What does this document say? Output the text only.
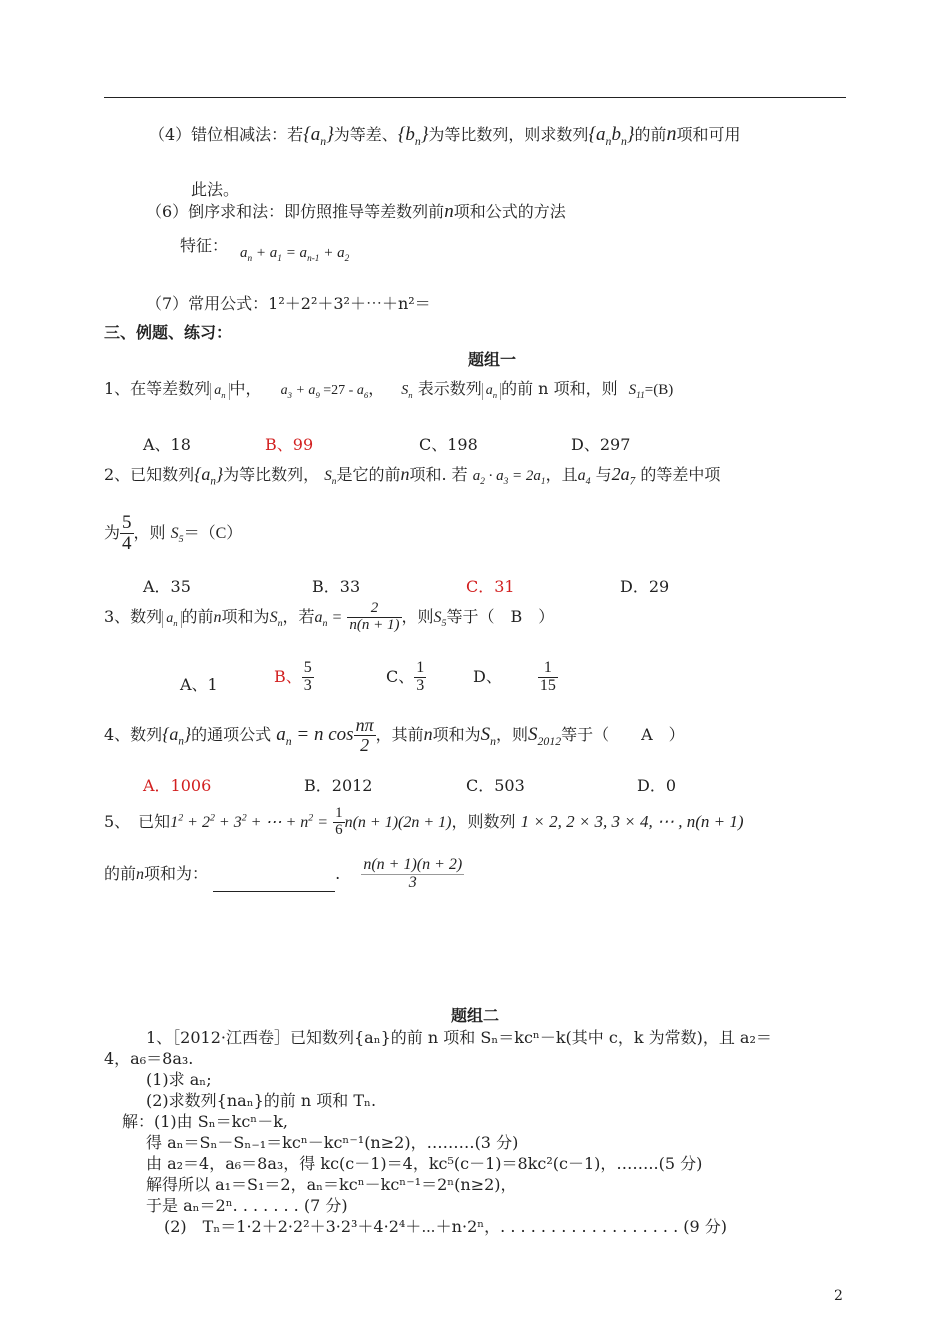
（4）错位相减法：若$\{a_n\}$为等差、$\{b_n\}$为等比数列，则求数列$\{a_nb_n\}$的前n项和可用
此法。
（6）倒序求和法：即仿照推导等差数列前n项和公式的方法
特征： $a_n + a_1 = a_{n-1} + a_2$
（7）常用公式：1²＋2²＋3²＋⋯＋n²＝
三、例题、练习：
题组一
1、在等差数列 $a_n$ 中， $a_3 + a_9 =27 - a_6$， $S_n$ 表示数列 $a_n$ 的前 n 项和，则 $S_{11}=(B)$
A、18	B、99	C、198	D、297
2、已知数列$\{a_n\}$为等比数列， $S_n$是它的前n项和. 若 $a_2 \cdot a_3 = 2a_1$，且$a_4$ 与$2a_7$ 的等差中项
为 $\frac{5}{4}$ ，则 $S_5=(C)$
A．35	B．33	C．31	D．29
3、数列 $a_n$ 的前n项和为$S_n$，若$a_n = \frac{2}{n(n + 1)}$ ，则$S_5$等于（　B　）
A、1	B、 $\frac{5}{3}$	C、 $\frac{1}{3}$	D、 $\frac{1}{15}$
4、数列$\{a_n\}$的通项公式 $a_n = n$ $\cos \frac{n\pi}{2}$ ，其前n项和为$S_n$，则$S_{2012}$等于（　　A　）
A．1006	B．2012	C．503	D．0
5、　已知$1^2 + 2^2 + 3^2$ + ⋯ + $n^2 = \frac{1}{6} n(n + 1)(2n + 1)$，则数列 1 × 2, 2 × 3, 3 × 4, ⋯ , n(n + 1)
的前n项和为：	. $\frac{n(n + 1)(n + 2)}{3}$
题组二
1、［2012·江西卷］已知数列{aₙ}的前 n 项和 Sₙ＝kcⁿ－k(其中 c，k 为常数)，且 a₂＝
4，a₆＝8a₃.
(1)求 aₙ;
(2)求数列{naₙ}的前 n 项和 Tₙ.
解：(1)由 Sₙ＝kcⁿ－k,
得 aₙ＝Sₙ－Sₙ₋₁＝kcⁿ－kcⁿ⁻¹(n≥2)，………(3 分)
由 a₂＝4，a₆＝8a₃，得 kc(c－1)＝4，kc⁵(c－1)＝8kc²(c－1)，……..(5 分)
解得所以 a₁＝S₁＝2，aₙ＝kcⁿ－kcⁿ⁻¹＝2ⁿ(n≥2)，
于是 aₙ＝2ⁿ. . . . . . . (7 分)
(2)　Tₙ＝1·2＋2·2²＋3·2³＋4·2⁴＋⋯＋n·2ⁿ，. . . . . . . . . . . . . . . . . . (9 分)
2
